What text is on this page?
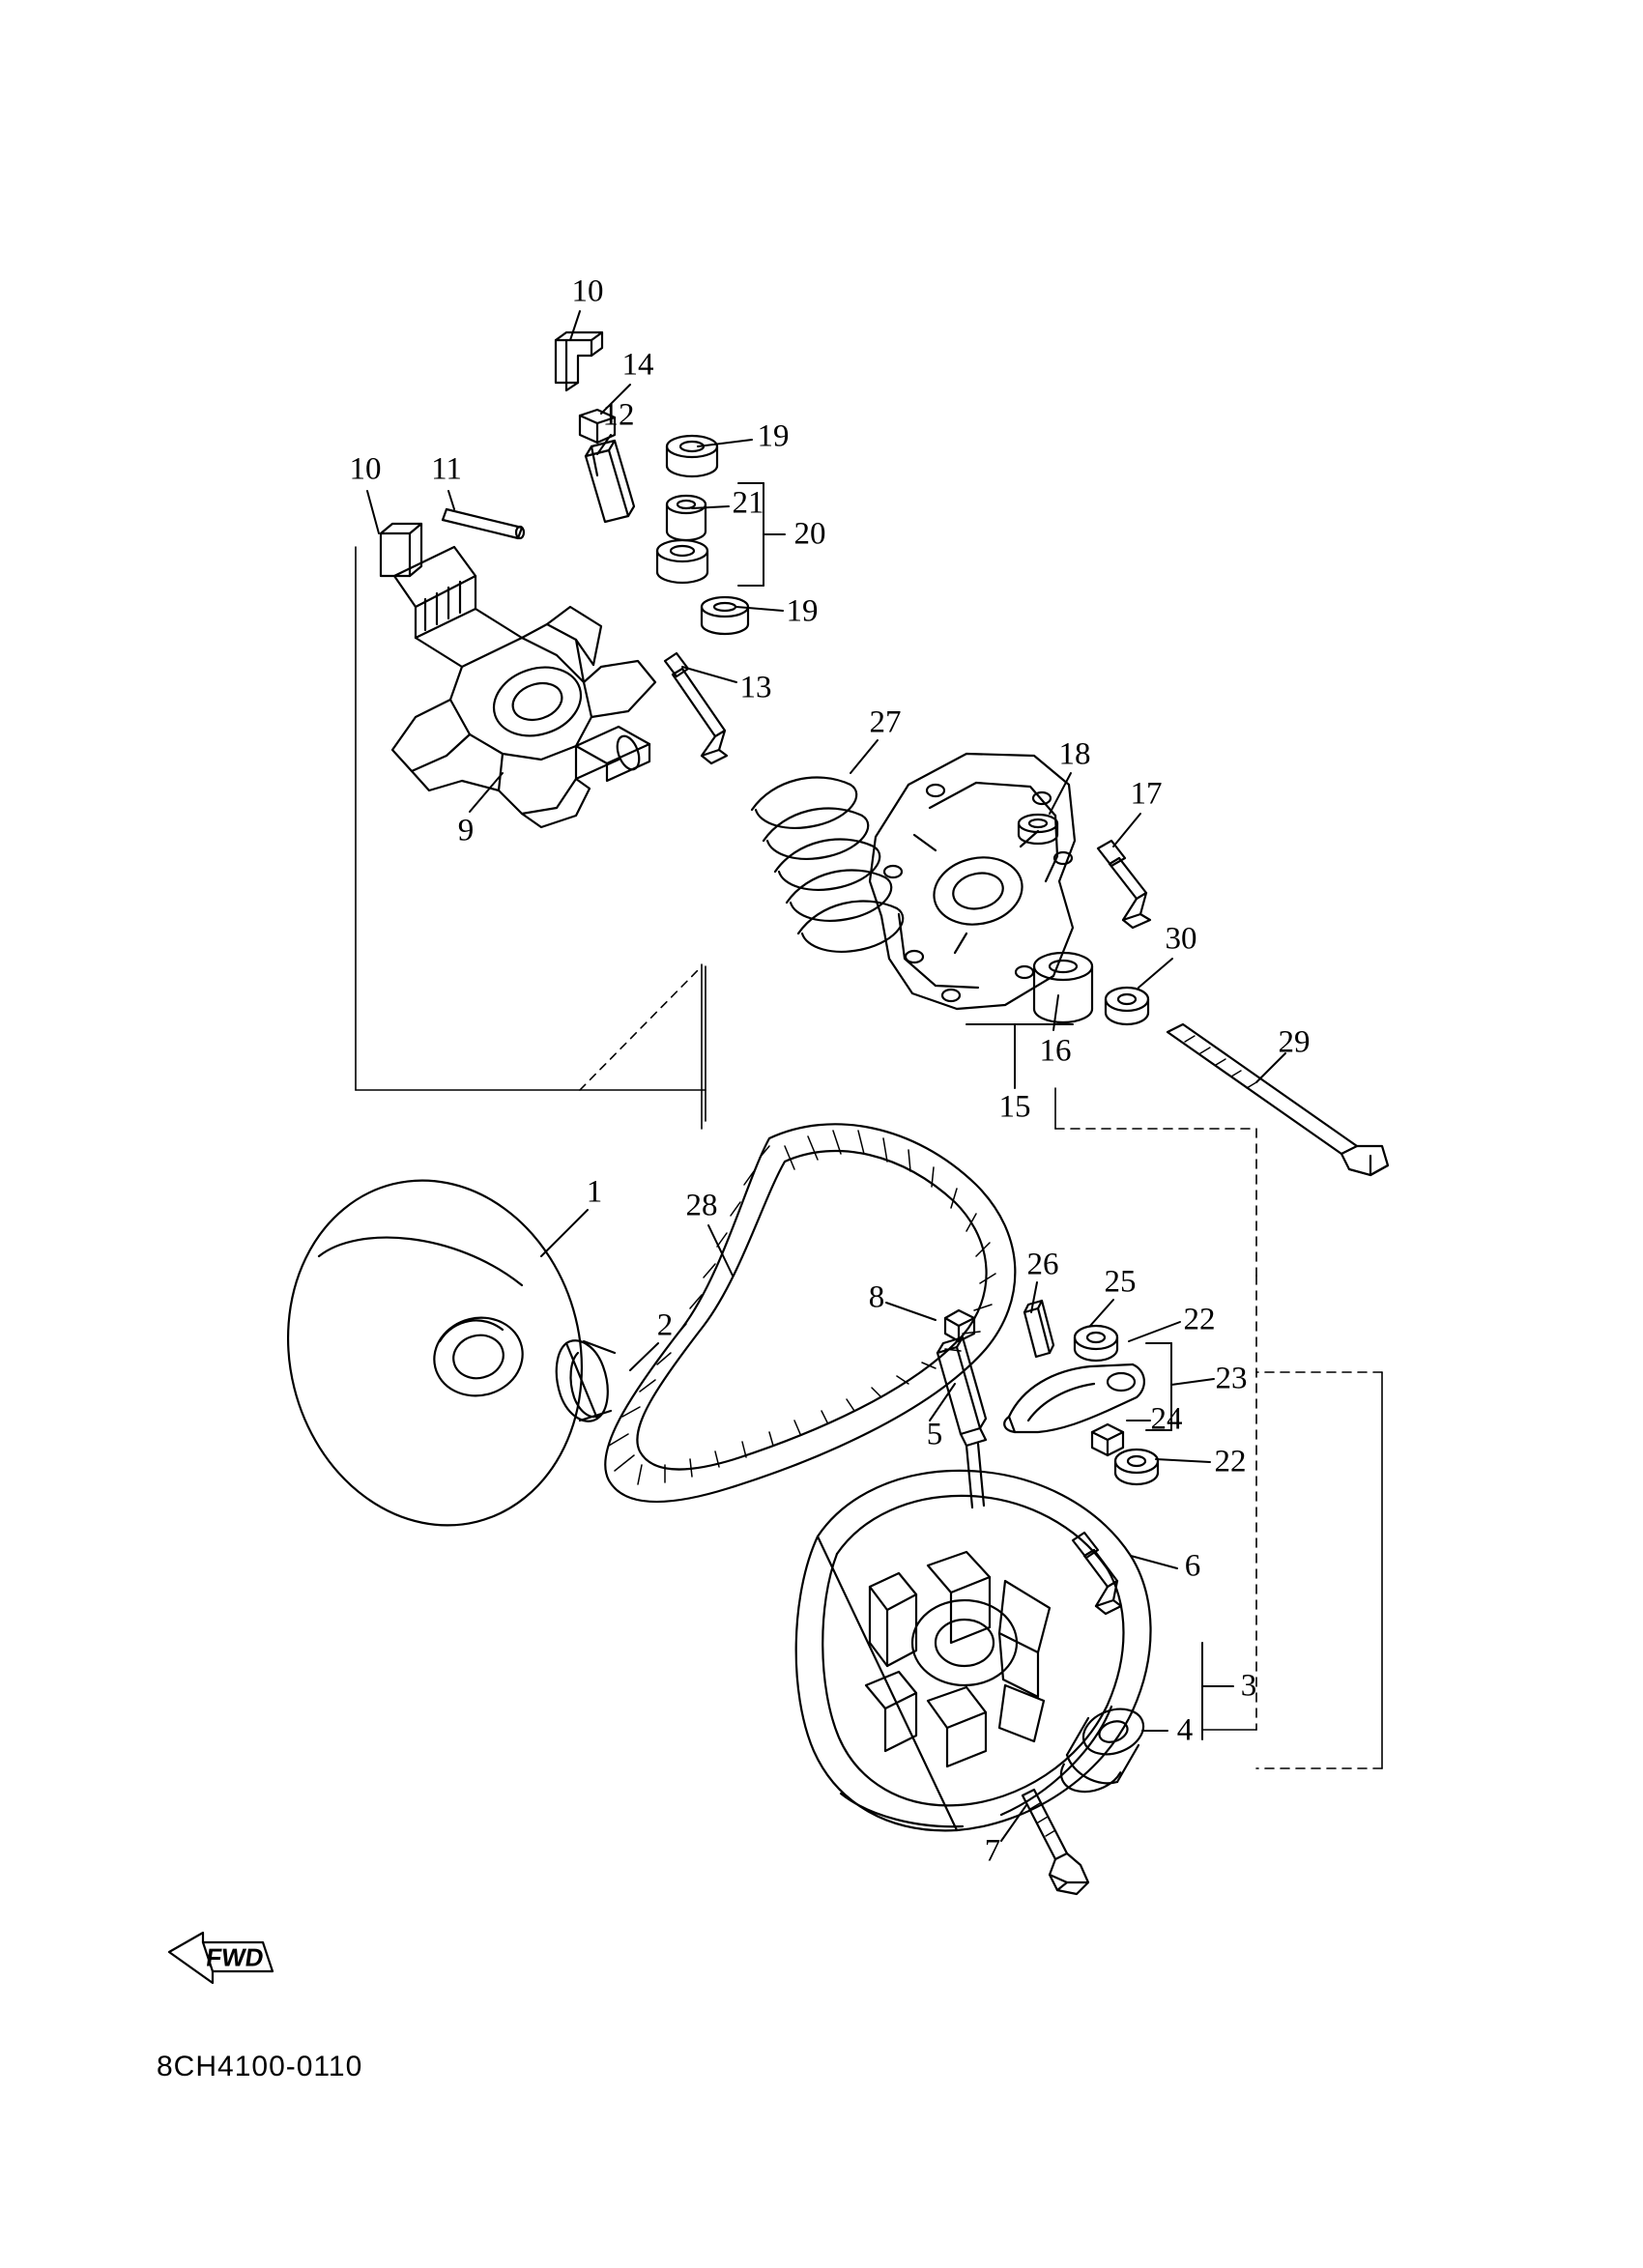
10
14
12
19
21
20
10 11
19
13
9
27
18
17
30
16	29
15
1	28
26 25
8
22
2
23
24
5
22
6
3
4
7
FWD
8CH4100-0110
